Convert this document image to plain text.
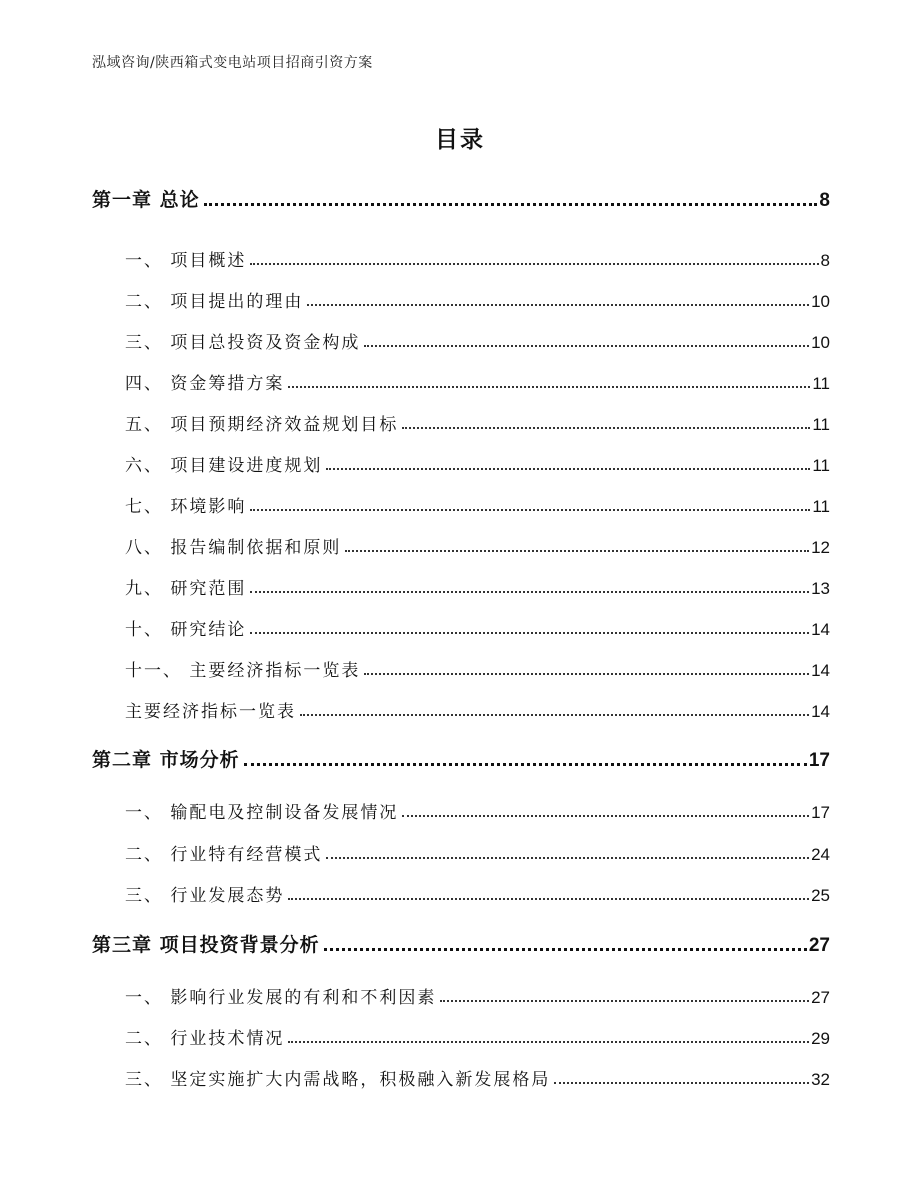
泓域咨询/陕西箱式变电站项目招商引资方案
目录
第一章 总论	8
一、 项目概述	8
二、 项目提出的理由	10
三、 项目总投资及资金构成	10
四、 资金筹措方案	11
五、 项目预期经济效益规划目标	11
六、 项目建设进度规划	11
七、 环境影响	11
八、 报告编制依据和原则	12
九、 研究范围	13
十、 研究结论	14
十一、 主要经济指标一览表	14
主要经济指标一览表	14
第二章 市场分析	17
一、 输配电及控制设备发展情况	17
二、 行业特有经营模式	24
三、 行业发展态势	25
第三章 项目投资背景分析	27
一、 影响行业发展的有利和不利因素	27
二、 行业技术情况	29
三、 坚定实施扩大内需战略，积极融入新发展格局	32
